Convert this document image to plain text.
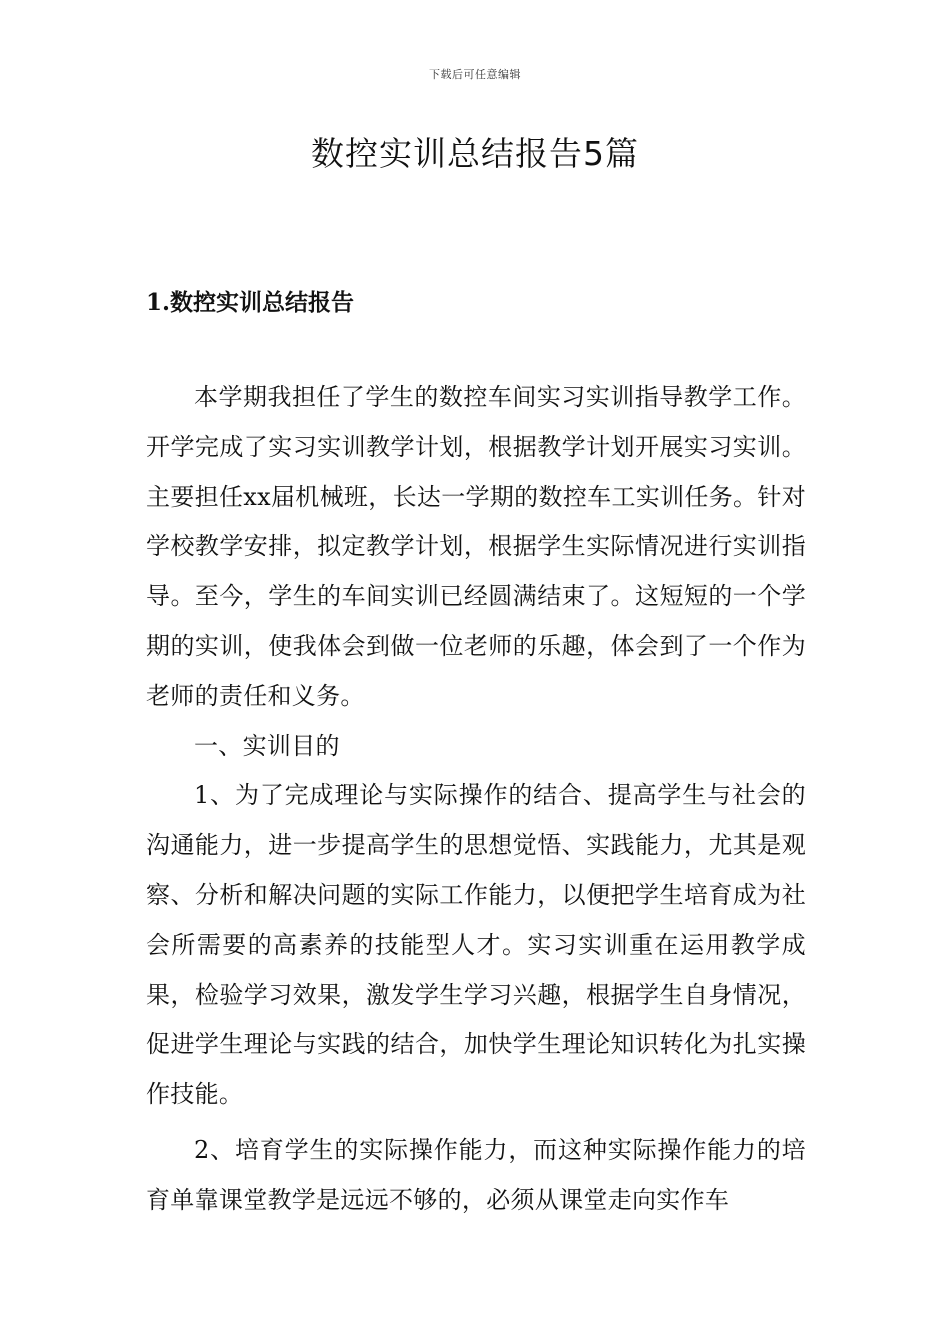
下载后可任意编辑
数控实训总结报告5篇
1.数控实训总结报告

本学期我担任了学生的数控车间实习实训指导教学工作。开学完成了实习实训教学计划，根据教学计划开展实习实训。主要担任xx届机械班，长达一学期的数控车工实训任务。针对学校教学安排，拟定教学计划，根据学生实际情况进行实训指导。至今，学生的车间实训已经圆满结束了。这短短的一个学期的实训，使我体会到做一位老师的乐趣，体会到了一个作为老师的责任和义务。

一、实训目的

1、为了完成理论与实际操作的结合、提高学生与社会的沟通能力，进一步提高学生的思想觉悟、实践能力，尤其是观察、分析和解决问题的实际工作能力，以便把学生培育成为社会所需要的高素养的技能型人才。实习实训重在运用教学成果，检验学习效果，激发学生学习兴趣，根据学生自身情况，促进学生理论与实践的结合，加快学生理论知识转化为扎实操作技能。

2、培育学生的实际操作能力，而这种实际操作能力的培育单靠课堂教学是远远不够的，必须从课堂走向实作车
